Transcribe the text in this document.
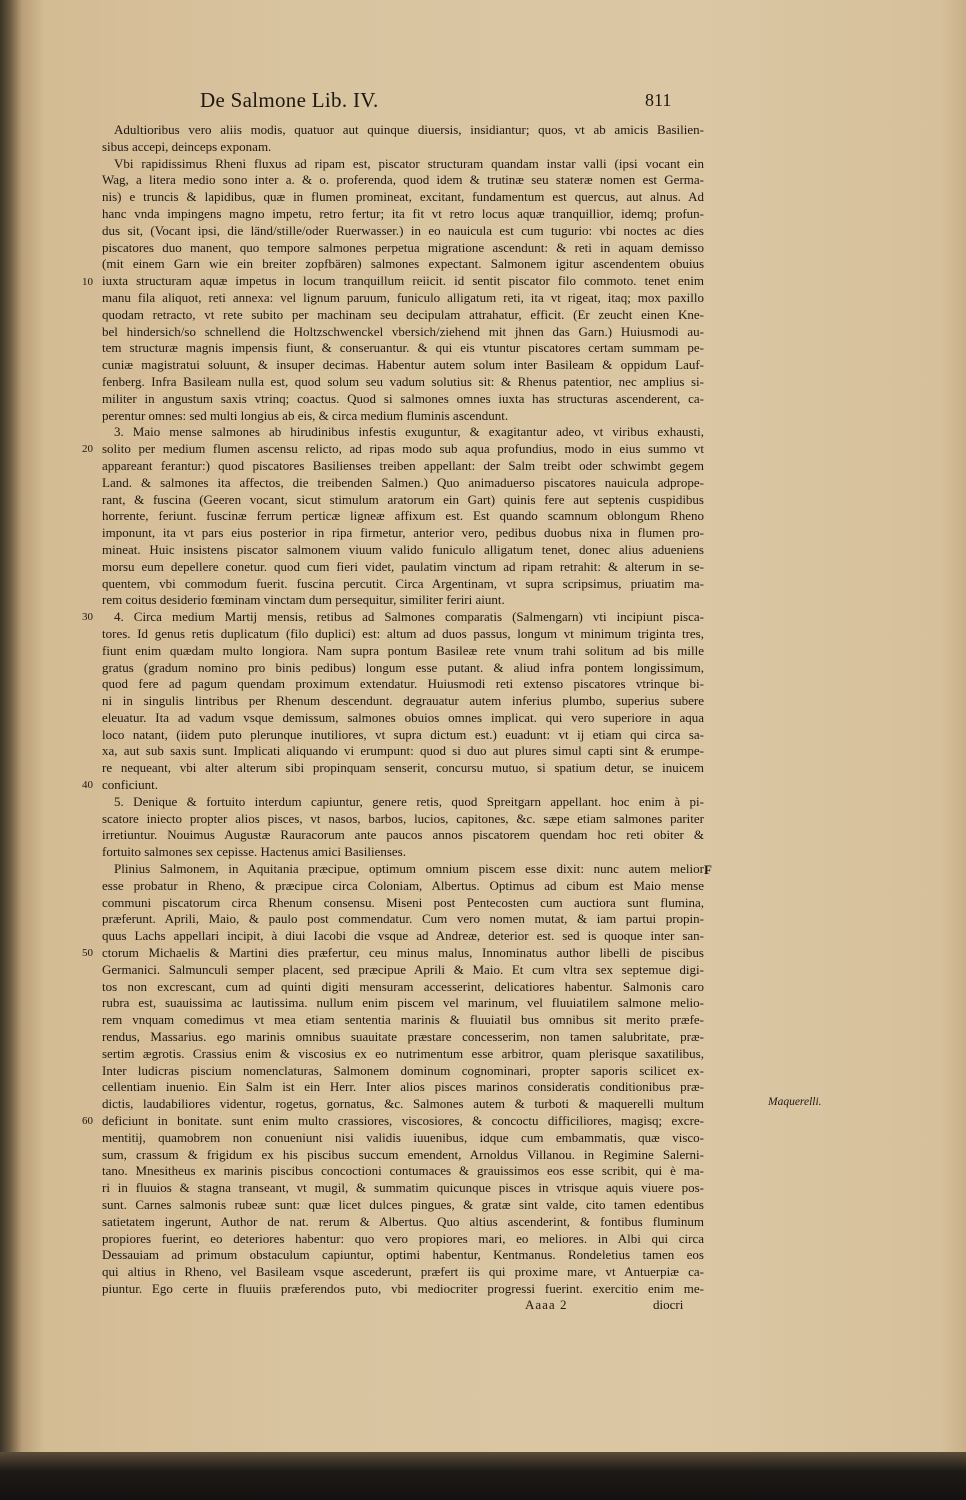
De Salmone Lib. IV.	811
10
20
30
40
50
60
F
Maquerelli.
Adultioribus vero aliis modis, quatuor aut quinque diuersis, insidiantur; quos, vt ab amicis Basilien-
sibus accepi, deinceps exponam.
Vbi rapidissimus Rheni fluxus ad ripam est, piscator structuram quandam instar valli (ipsi vocant ein
Wag, a litera medio sono inter a. & o. proferenda, quod idem & trutinæ seu stateræ nomen est Germa-
nis) e truncis & lapidibus, quæ in flumen promineat, excitant, fundamentum est quercus, aut alnus. Ad
hanc vnda impingens magno impetu, retro fertur; ita fit vt retro locus aquæ tranquillior, idemq; profun-
dus sit, (Vocant ipsi, die länd/stille/oder Ruerwasser.) in eo nauicula est cum tugurio: vbi noctes ac dies
piscatores duo manent, quo tempore salmones perpetua migratione ascendunt: & reti in aquam demisso
(mit einem Garn wie ein breiter zopfbären) salmones expectant. Salmonem igitur ascendentem obuius
iuxta structuram aquæ impetus in locum tranquillum reiicit. id sentit piscator filo commoto. tenet enim
manu fila aliquot, reti annexa: vel lignum paruum, funiculo alligatum reti, ita vt rigeat, itaq; mox paxillo
quodam retracto, vt rete subito per machinam seu decipulam attrahatur, efficit. (Er zeucht einen Kne-
bel hindersich/so schnellend die Holtzschwenckel vbersich/ziehend mit jhnen das Garn.) Huiusmodi au-
tem structuræ magnis impensis fiunt, & conseruantur. & qui eis vtuntur piscatores certam summam pe-
cuniæ magistratui soluunt, & insuper decimas. Habentur autem solum inter Basileam & oppidum Lauf-
fenberg. Infra Basileam nulla est, quod solum seu vadum solutius sit: & Rhenus patentior, nec amplius si-
militer in angustum saxis vtrinq; coactus. Quod si salmones omnes iuxta has structuras ascenderent, ca-
perentur omnes: sed multi longius ab eis, & circa medium fluminis ascendunt.
3. Maio mense salmones ab hirudinibus infestis exuguntur, & exagitantur adeo, vt viribus exhausti,
solito per medium flumen ascensu relicto, ad ripas modo sub aqua profundius, modo in eius summo vt
appareant ferantur:) quod piscatores Basilienses treiben appellant: der Salm treibt oder schwimbt gegem
Land. & salmones ita affectos, die treibenden Salmen.) Quo animaduerso piscatores nauicula adprope-
rant, & fuscina (Geeren vocant, sicut stimulum aratorum ein Gart) quinis fere aut septenis cuspidibus
horrente, feriunt. fuscinæ ferrum perticæ ligneæ affixum est. Est quando scamnum oblongum Rheno
imponunt, ita vt pars eius posterior in ripa firmetur, anterior vero, pedibus duobus nixa in flumen pro-
mineat. Huic insistens piscator salmonem viuum valido funiculo alligatum tenet, donec alius adueniens
morsu eum depellere conetur. quod cum fieri videt, paulatim vinctum ad ripam retrahit: & alterum in se-
quentem, vbi commodum fuerit. fuscina percutit. Circa Argentinam, vt supra scripsimus, priuatim ma-
rem coitus desiderio fœminam vinctam dum persequitur, similiter feriri aiunt.
4. Circa medium Martij mensis, retibus ad Salmones comparatis (Salmengarn) vti incipiunt pisca-
tores. Id genus retis duplicatum (filo duplici) est: altum ad duos passus, longum vt minimum triginta tres,
fiunt enim quædam multo longiora. Nam supra pontum Basileæ rete vnum trahi solitum ad bis mille
gratus (gradum nomino pro binis pedibus) longum esse putant. & aliud infra pontem longissimum,
quod fere ad pagum quendam proximum extendatur. Huiusmodi reti extenso piscatores vtrinque bi-
ni in singulis lintribus per Rhenum descendunt. degrauatur autem inferius plumbo, superius subere
eleuatur. Ita ad vadum vsque demissum, salmones obuios omnes implicat. qui vero superiore in aqua
loco natant, (iidem puto plerunque inutiliores, vt supra dictum est.) euadunt: vt ij etiam qui circa sa-
xa, aut sub saxis sunt. Implicati aliquando vi erumpunt: quod si duo aut plures simul capti sint & erumpe-
re nequeant, vbi alter alterum sibi propinquam senserit, concursu mutuo, si spatium detur, se inuicem
conficiunt.
5. Denique & fortuito interdum capiuntur, genere retis, quod Spreitgarn appellant. hoc enim à pi-
scatore iniecto propter alios pisces, vt nasos, barbos, lucios, capitones, &c. sæpe etiam salmones pariter
irretiuntur. Nouimus Augustæ Rauracorum ante paucos annos piscatorem quendam hoc reti obiter &
fortuito salmones sex cepisse. Hactenus amici Basilienses.
Plinius Salmonem, in Aquitania præcipue, optimum omnium piscem esse dixit: nunc autem melior
esse probatur in Rheno, & præcipue circa Coloniam, Albertus. Optimus ad cibum est Maio mense
communi piscatorum circa Rhenum consensu. Miseni post Pentecosten cum auctiora sunt flumina,
præferunt. Aprili, Maio, & paulo post commendatur. Cum vero nomen mutat, & iam partui propin-
quus Lachs appellari incipit, à diui Iacobi die vsque ad Andreæ, deterior est. sed is quoque inter san-
ctorum Michaelis & Martini dies præfertur, ceu minus malus, Innominatus author libelli de piscibus
Germanici. Salmunculi semper placent, sed præcipue Aprili & Maio. Et cum vltra sex septemue digi-
tos non excrescant, cum ad quinti digiti mensuram accesserint, delicatiores habentur. Salmonis caro
rubra est, suauissima ac lautissima. nullum enim piscem vel marinum, vel fluuiatilem salmone melio-
rem vnquam comedimus vt mea etiam sententia marinis & fluuiatil bus omnibus sit merito præfe-
rendus, Massarius. ego marinis omnibus suauitate præstare concesserim, non tamen salubritate, præ-
sertim ægrotis. Crassius enim & viscosius ex eo nutrimentum esse arbitror, quam plerisque saxatilibus,
Inter ludicras piscium nomenclaturas, Salmonem dominum cognominari, propter saporis scilicet ex-
cellentiam inuenio. Ein Salm ist ein Herr. Inter alios pisces marinos consideratis conditionibus præ-
dictis, laudabiliores videntur, rogetus, gornatus, &c. Salmones autem & turboti & maquerelli multum
deficiunt in bonitate. sunt enim multo crassiores, viscosiores, & concoctu difficiliores, magisq; excre-
mentitij, quamobrem non conueniunt nisi validis iuuenibus, idque cum embammatis, quæ visco-
sum, crassum & frigidum ex his piscibus succum emendent, Arnoldus Villanou. in Regimine Salerni-
tano. Mnesitheus ex marinis piscibus concoctioni contumaces & grauissimos eos esse scribit, qui è ma-
ri in fluuios & stagna transeant, vt mugil, & summatim quicunque pisces in vtrisque aquis viuere pos-
sunt. Carnes salmonis rubeæ sunt: quæ licet dulces pingues, & gratæ sint valde, cito tamen edentibus
satietatem ingerunt, Author de nat. rerum & Albertus. Quo altius ascenderint, & fontibus fluminum
propiores fuerint, eo deteriores habentur: quo vero propiores mari, eo meliores. in Albi qui circa
Dessauiam ad primum obstaculum capiuntur, optimi habentur, Kentmanus. Rondeletius tamen eos
qui altius in Rheno, vel Basileam vsque ascederunt, præfert iis qui proxime mare, vt Antuerpiæ ca-
piuntur. Ego certe in fluuiis præferendos puto, vbi mediocriter progressi fuerint. exercitio enim me-
Aaaa 2	diocri
